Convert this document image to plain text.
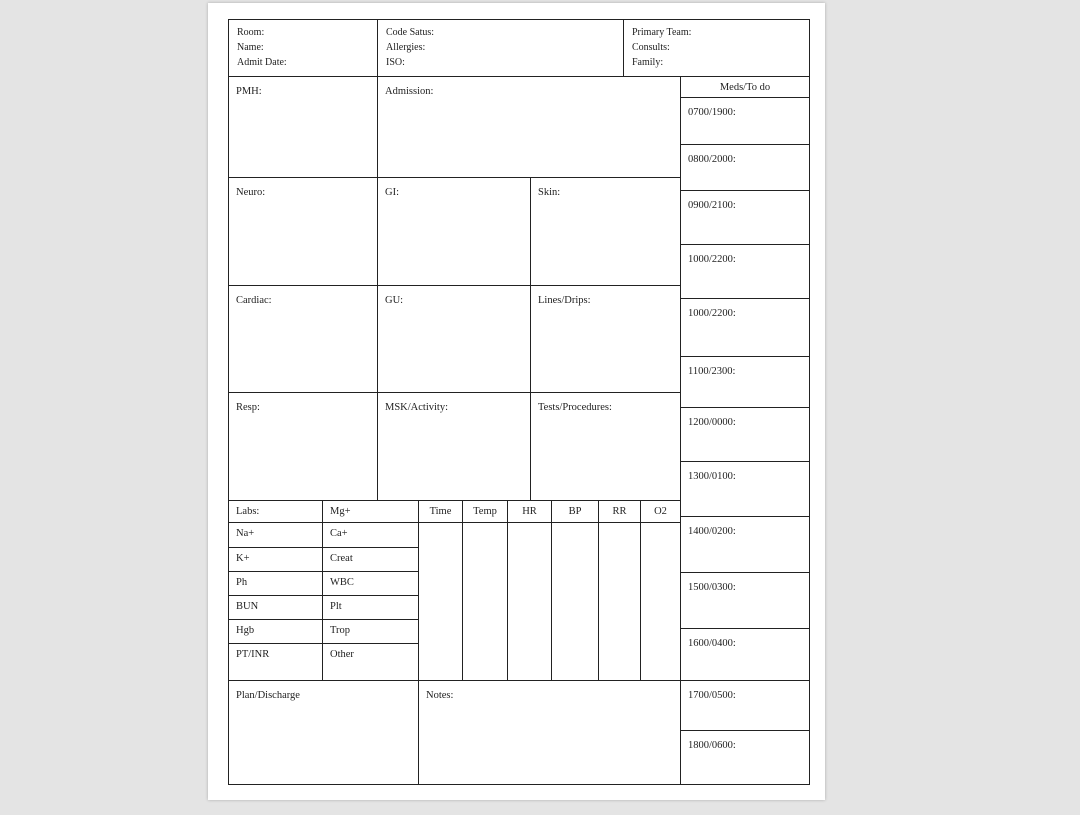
Room:
Name:
Admit Date:
Code Satus:
Allergies:
ISO:
Primary Team:
Consults:
Family:
PMH:	Admission:
Neuro:	GI:	Skin:
Cardiac:	GU:	Lines/Drips:
Resp:	MSK/Activity:	Tests/Procedures:
Labs:	Mg+
Na+	Ca+
K+	Creat
Ph	WBC
BUN	Plt
Hgb	Trop
PT/INR	Other
Time Temp HR	BP	RR	O2
Plan/Discharge	Notes:
Meds/To do
0700/1900:
0800/2000:
0900/2100:
1000/2200:
1000/2200:
1100/2300:
1200/0000:
1300/0100:
1400/0200:
1500/0300:
1600/0400:
1700/0500:
1800/0600:
